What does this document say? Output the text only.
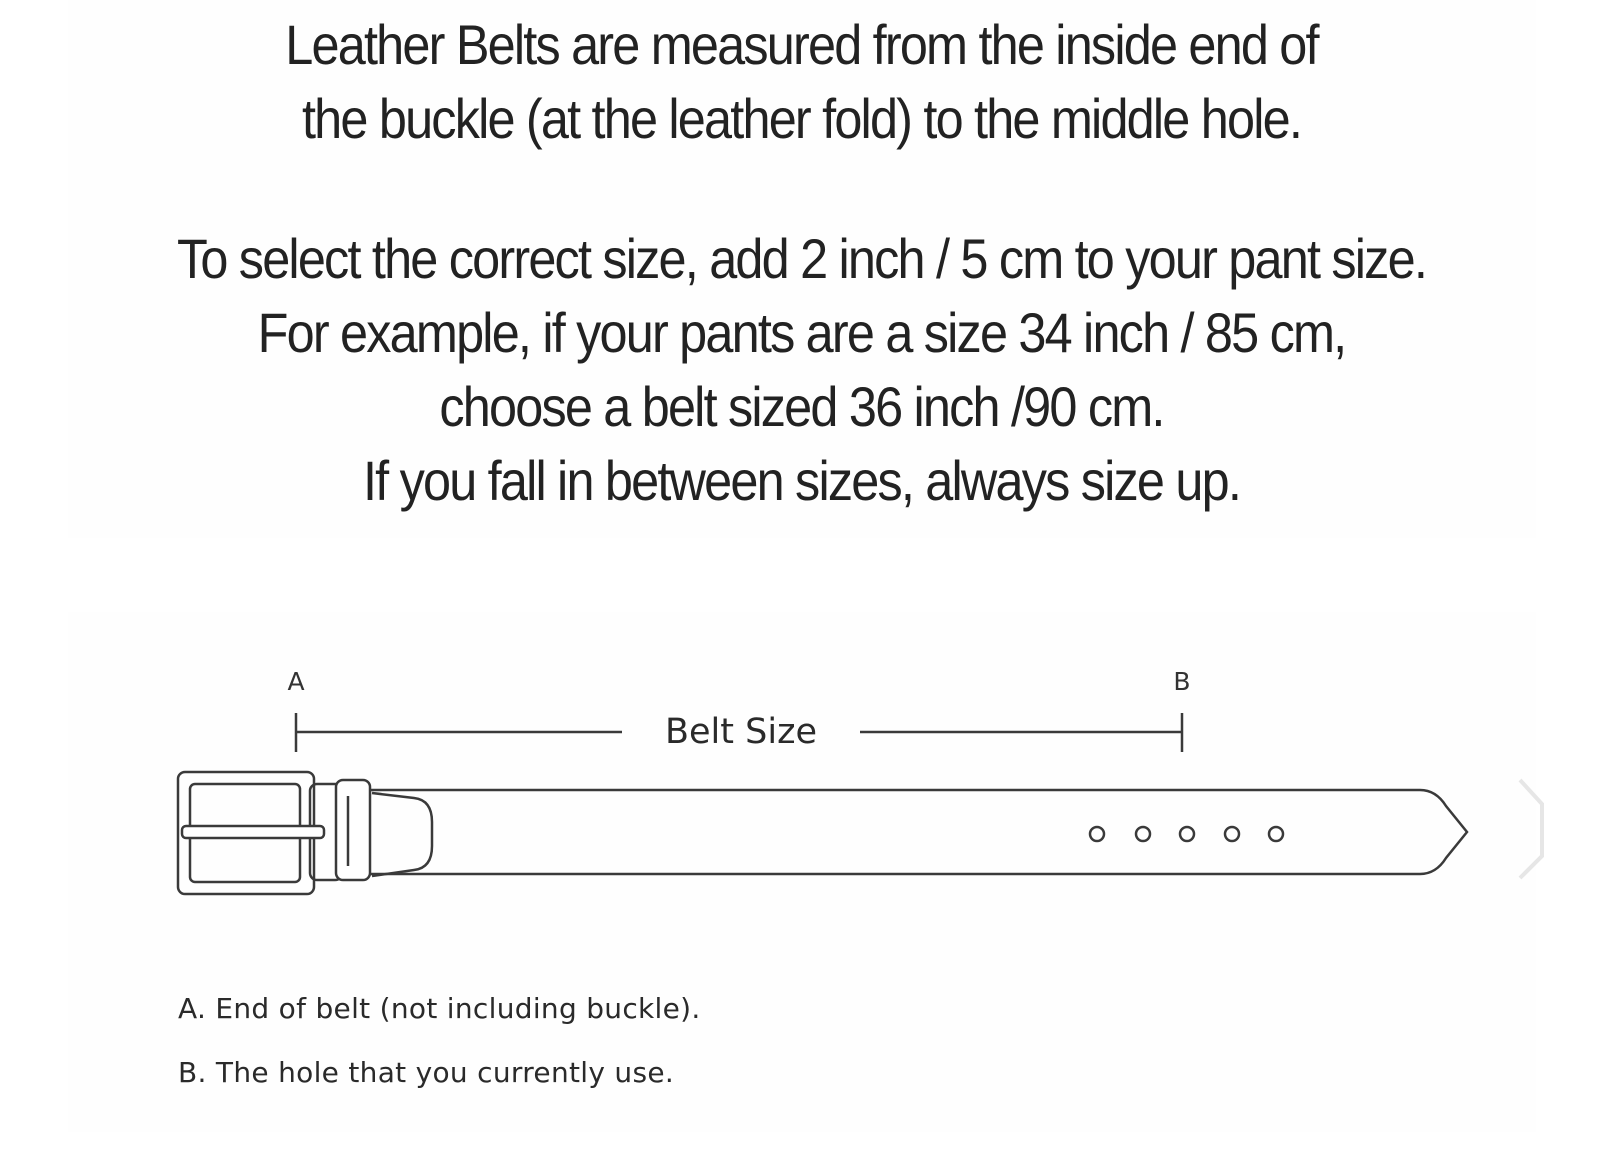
Leather Belts are measured from the inside end of
the buckle (at the leather fold) to the middle hole.
To select the correct size, add 2 inch / 5 cm to your pant size.
For example, if your pants are a size 34 inch / 85 cm,
choose a belt sized 36 inch /90 cm.
If you fall in between sizes, always size up.
A	B
Belt Size
A. End of belt (not including buckle).
B. The hole that you currently use.
